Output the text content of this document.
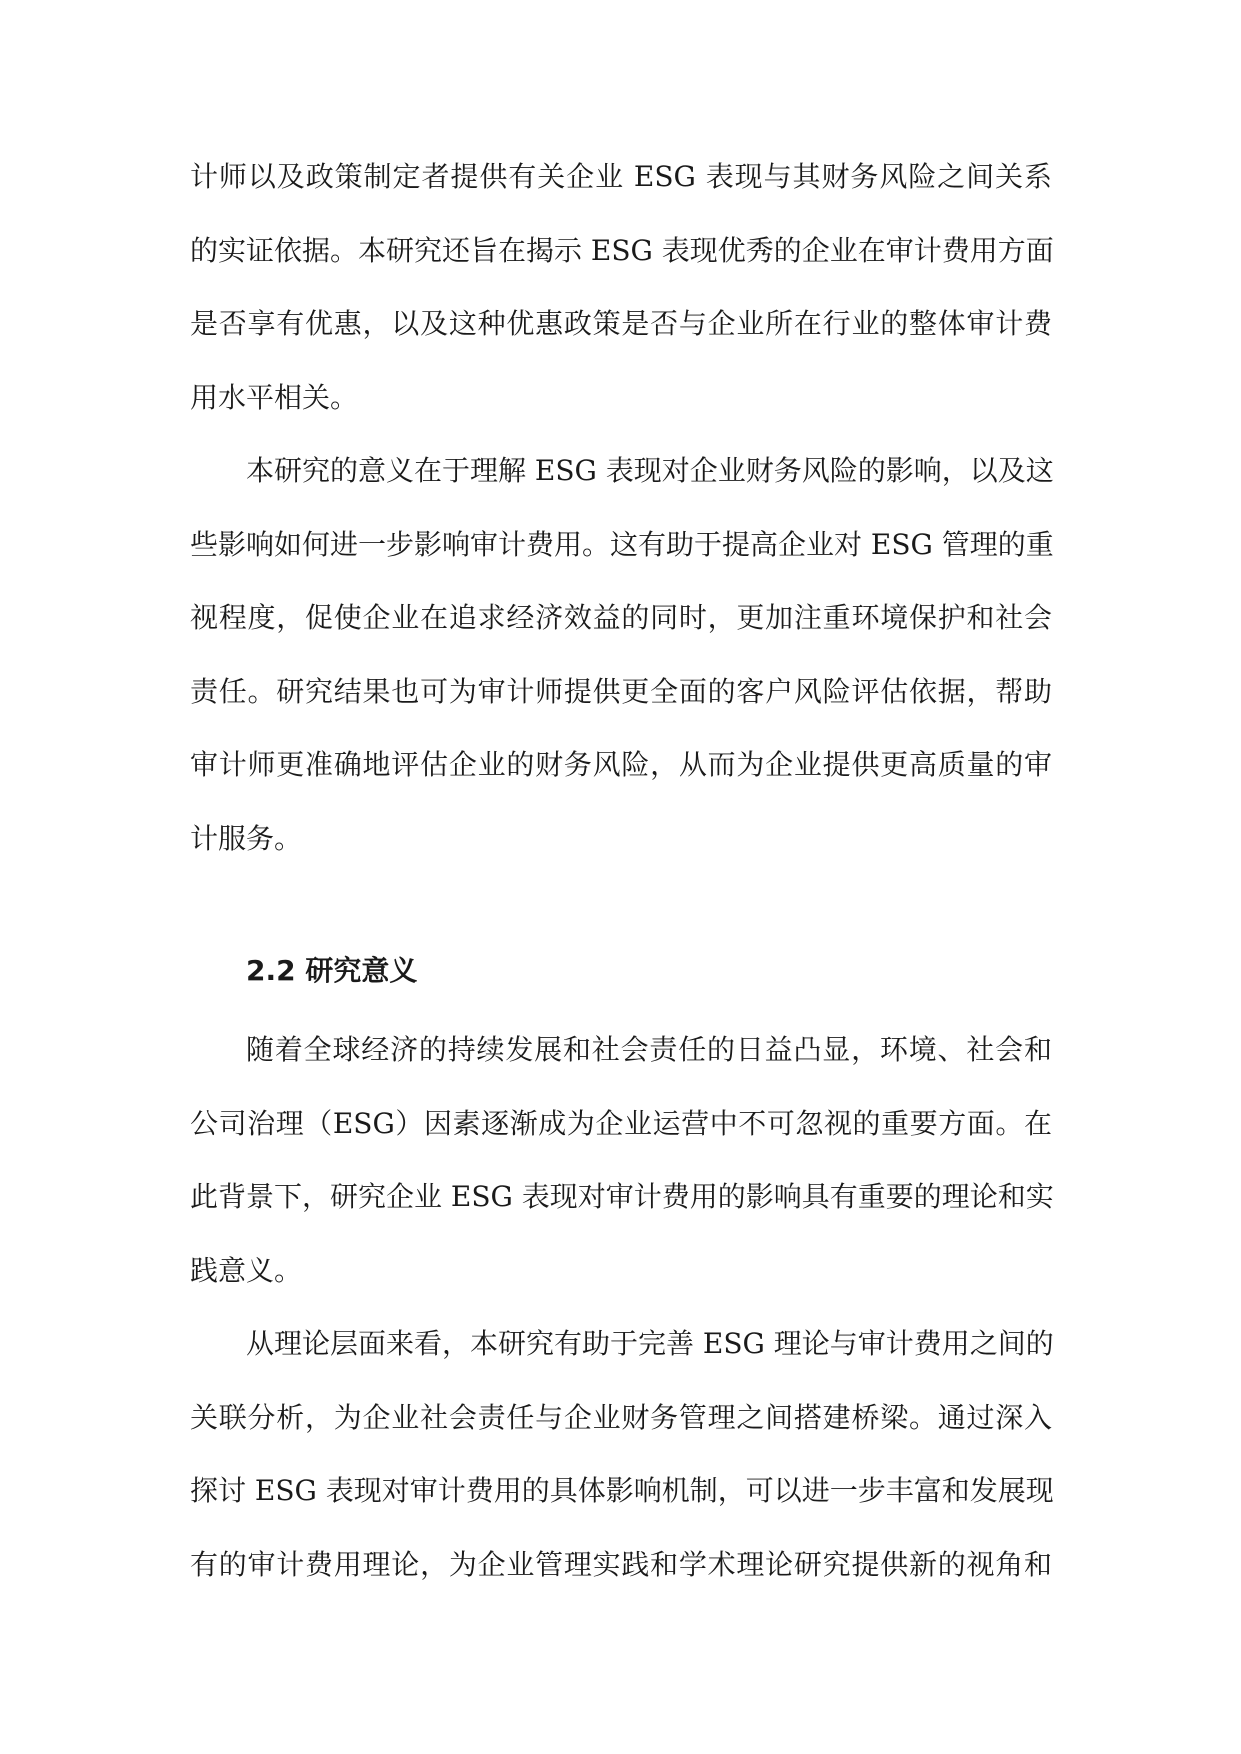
计师以及政策制定者提供有关企业 ESG 表现与其财务风险之间关系
的实证依据。本研究还旨在揭示 ESG 表现优秀的企业在审计费用方面
是否享有优惠，以及这种优惠政策是否与企业所在行业的整体审计费
用水平相关。
本研究的意义在于理解 ESG 表现对企业财务风险的影响，以及这
些影响如何进一步影响审计费用。这有助于提高企业对 ESG 管理的重
视程度，促使企业在追求经济效益的同时，更加注重环境保护和社会
责任。研究结果也可为审计师提供更全面的客户风险评估依据，帮助
审计师更准确地评估企业的财务风险，从而为企业提供更高质量的审
计服务。
2.2 研究意义
随着全球经济的持续发展和社会责任的日益凸显，环境、社会和
公司治理（ESG）因素逐渐成为企业运营中不可忽视的重要方面。在
此背景下，研究企业 ESG 表现对审计费用的影响具有重要的理论和实
践意义。
从理论层面来看，本研究有助于完善 ESG 理论与审计费用之间的
关联分析，为企业社会责任与企业财务管理之间搭建桥梁。通过深入
探讨 ESG 表现对审计费用的具体影响机制，可以进一步丰富和发展现
有的审计费用理论，为企业管理实践和学术理论研究提供新的视角和
